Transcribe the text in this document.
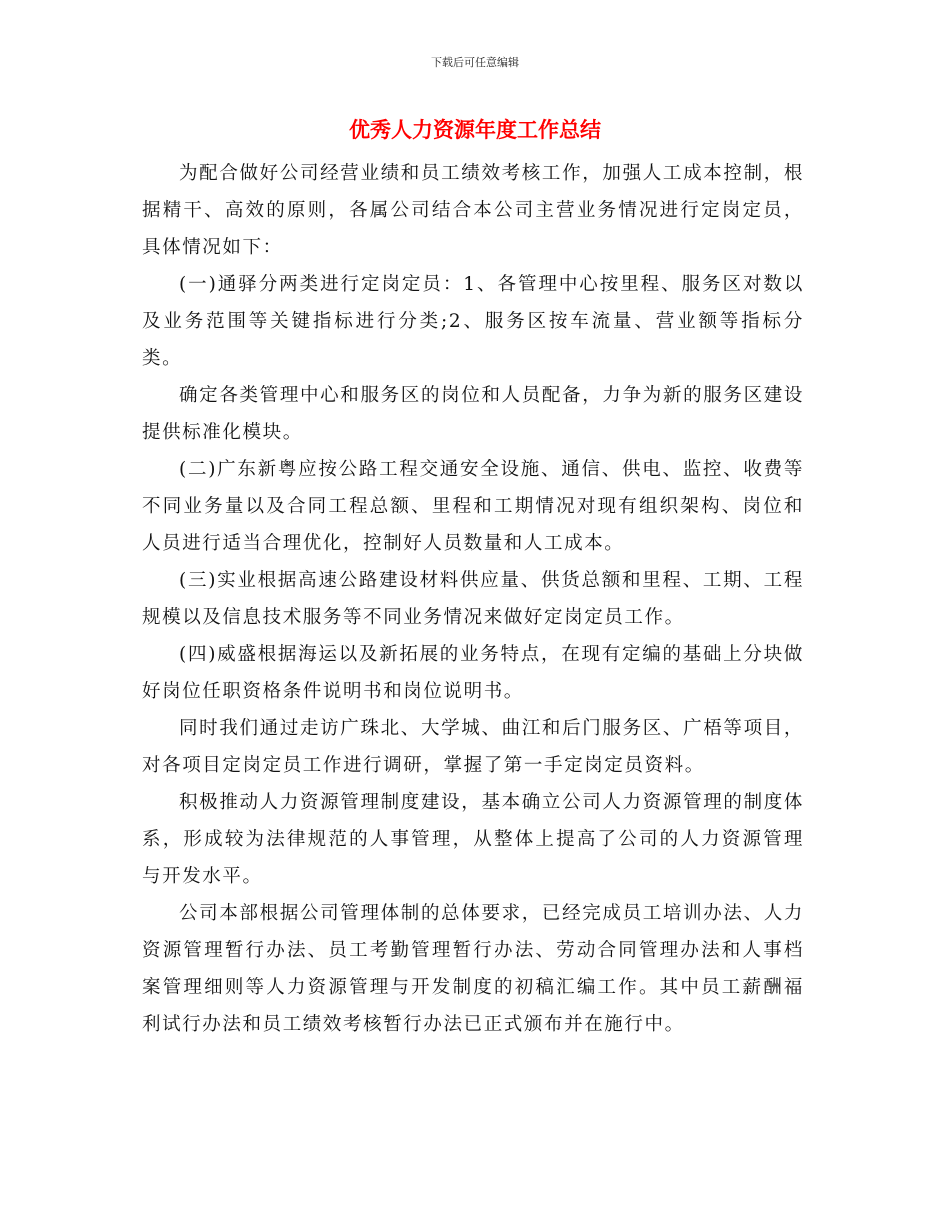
下载后可任意编辑
优秀人力资源年度工作总结

为配合做好公司经营业绩和员工绩效考核工作，加强人工成本控制，根据精干、高效的原则，各属公司结合本公司主营业务情况进行定岗定员，具体情况如下：

(一)通驿分两类进行定岗定员：1、各管理中心按里程、服务区对数以及业务范围等关键指标进行分类;2、服务区按车流量、营业额等指标分类。

确定各类管理中心和服务区的岗位和人员配备，力争为新的服务区建设提供标准化模块。

(二)广东新粤应按公路工程交通安全设施、通信、供电、监控、收费等不同业务量以及合同工程总额、里程和工期情况对现有组织架构、岗位和人员进行适当合理优化，控制好人员数量和人工成本。

(三)实业根据高速公路建设材料供应量、供货总额和里程、工期、工程规模以及信息技术服务等不同业务情况来做好定岗定员工作。

(四)威盛根据海运以及新拓展的业务特点，在现有定编的基础上分块做好岗位任职资格条件说明书和岗位说明书。

同时我们通过走访广珠北、大学城、曲江和后门服务区、广梧等项目，对各项目定岗定员工作进行调研，掌握了第一手定岗定员资料。

积极推动人力资源管理制度建设，基本确立公司人力资源管理的制度体系，形成较为法律规范的人事管理，从整体上提高了公司的人力资源管理与开发水平。

公司本部根据公司管理体制的总体要求，已经完成员工培训办法、人力资源管理暂行办法、员工考勤管理暂行办法、劳动合同管理办法和人事档案管理细则等人力资源管理与开发制度的初稿汇编工作。其中员工薪酬福利试行办法和员工绩效考核暂行办法已正式颁布并在施行中。
